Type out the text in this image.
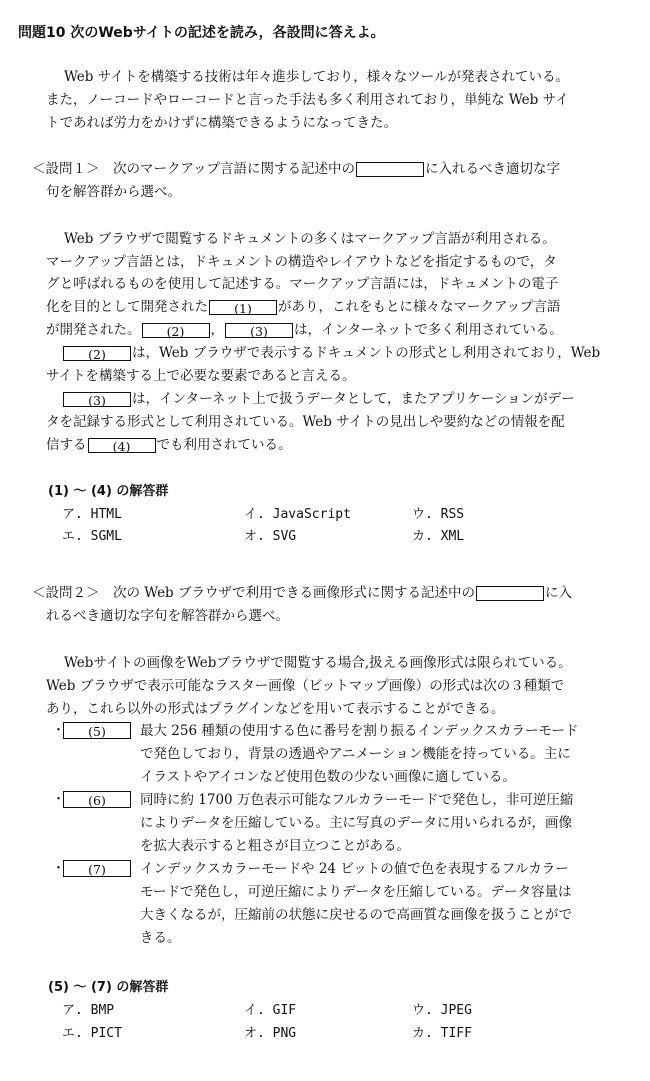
問題10 次のWebサイトの記述を読み，各設問に答えよ。
Web サイトを構築する技術は年々進歩しており，様々なツールが発表されている。
また，ノーコードやローコードと言った手法も多く利用されており，単純な Web サイ
トであれば労力をかけずに構築できるようになってきた。
＜設問１＞　次のマークアップ言語に関する記述中の	に入れるべき適切な字
句を解答群から選べ。
Web ブラウザで閲覧するドキュメントの多くはマークアップ言語が利用される。
マークアップ言語とは，ドキュメントの構造やレイアウトなどを指定するもので，タ
グと呼ばれるものを使用して記述する。マークアップ言語には，ドキュメントの電子
化を目的として開発された (1) があり，これをもとに様々なマークアップ言語
が開発された。 (2) ， (3) は，インターネットで多く利用されている。
(2) は，Web ブラウザで表示するドキュメントの形式とし利用されており，Web
サイトを構築する上で必要な要素であると言える。
(3) は，インターネット上で扱うデータとして，またアプリケーションがデー
タを記録する形式として利用されている。Web サイトの見出しや要約などの情報を配
信する (4) でも利用されている。
(1) ～ (4) の解答群
ア. HTML	イ. JavaScript	ウ. RSS
エ. SGML	オ. SVG	カ. XML
＜設問２＞　次の Web ブラウザで利用できる画像形式に関する記述中の	に入
れるべき適切な字句を解答群から選べ。
Webサイトの画像をWebブラウザで閲覧する場合,扱える画像形式は限られている。
Web ブラウザで表示可能なラスター画像（ビットマップ画像）の形式は次の３種類で
あり，これら以外の形式はプラグインなどを用いて表示することができる。
・	(5)	最大 256 種類の使用する色に番号を割り振るインデックスカラーモード
で発色しており，背景の透過やアニメーション機能を持っている。主に
イラストやアイコンなど使用色数の少ない画像に適している。
・	(6)	同時に約 1700 万色表示可能なフルカラーモードで発色し，非可逆圧縮
によりデータを圧縮している。主に写真のデータに用いられるが，画像
を拡大表示すると粗さが目立つことがある。
・	(7)	インデックスカラーモードや 24 ビットの値で色を表現するフルカラー
モードで発色し，可逆圧縮によりデータを圧縮している。データ容量は
大きくなるが，圧縮前の状態に戻せるので高画質な画像を扱うことがで
きる。
(5) ～ (7) の解答群
ア. BMP	イ. GIF	ウ. JPEG
エ. PICT	オ. PNG	カ. TIFF
